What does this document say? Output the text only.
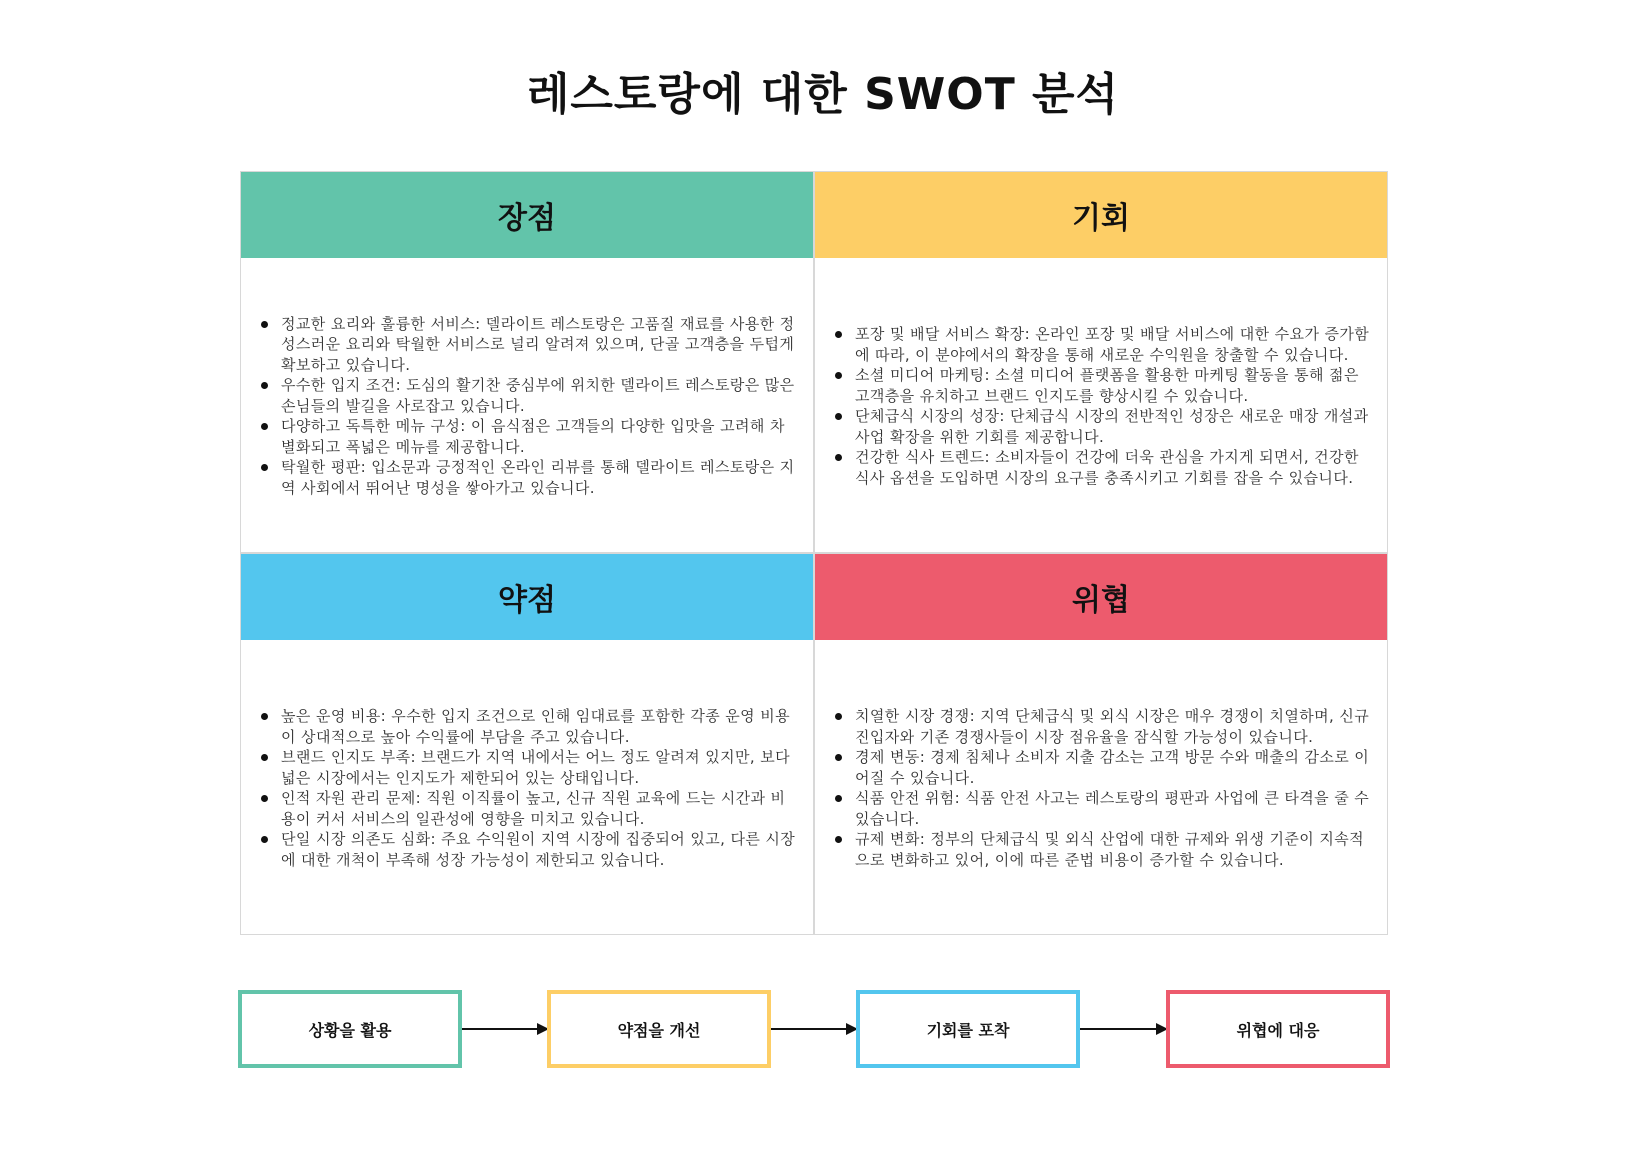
레스토랑에 대한 SWOT 분석
장점
정교한 요리와 훌륭한 서비스: 델라이트 레스토랑은 고품질 재료를 사용한 정성스러운 요리와 탁월한 서비스로 널리 알려져 있으며, 단골 고객층을 두텁게 확보하고 있습니다.
우수한 입지 조건: 도심의 활기찬 중심부에 위치한 델라이트 레스토랑은 많은 손님들의 발길을 사로잡고 있습니다.
다양하고 독특한 메뉴 구성: 이 음식점은 고객들의 다양한 입맛을 고려해 차별화되고 폭넓은 메뉴를 제공합니다.
탁월한 평판: 입소문과 긍정적인 온라인 리뷰를 통해 델라이트 레스토랑은 지역 사회에서 뛰어난 명성을 쌓아가고 있습니다.
기회
포장 및 배달 서비스 확장: 온라인 포장 및 배달 서비스에 대한 수요가 증가함에 따라, 이 분야에서의 확장을 통해 새로운 수익원을 창출할 수 있습니다.
소셜 미디어 마케팅: 소셜 미디어 플랫폼을 활용한 마케팅 활동을 통해 젊은 고객층을 유치하고 브랜드 인지도를 향상시킬 수 있습니다.
단체급식 시장의 성장: 단체급식 시장의 전반적인 성장은 새로운 매장 개설과 사업 확장을 위한 기회를 제공합니다.
건강한 식사 트렌드: 소비자들이 건강에 더욱 관심을 가지게 되면서, 건강한 식사 옵션을 도입하면 시장의 요구를 충족시키고 기회를 잡을 수 있습니다.
약점
높은 운영 비용: 우수한 입지 조건으로 인해 임대료를 포함한 각종 운영 비용이 상대적으로 높아 수익률에 부담을 주고 있습니다.
브랜드 인지도 부족: 브랜드가 지역 내에서는 어느 정도 알려져 있지만, 보다 넓은 시장에서는 인지도가 제한되어 있는 상태입니다.
인적 자원 관리 문제: 직원 이직률이 높고, 신규 직원 교육에 드는 시간과 비용이 커서 서비스의 일관성에 영향을 미치고 있습니다.
단일 시장 의존도 심화: 주요 수익원이 지역 시장에 집중되어 있고, 다른 시장에 대한 개척이 부족해 성장 가능성이 제한되고 있습니다.
위협
치열한 시장 경쟁: 지역 단체급식 및 외식 시장은 매우 경쟁이 치열하며, 신규 진입자와 기존 경쟁사들이 시장 점유율을 잠식할 가능성이 있습니다.
경제 변동: 경제 침체나 소비자 지출 감소는 고객 방문 수와 매출의 감소로 이어질 수 있습니다.
식품 안전 위험: 식품 안전 사고는 레스토랑의 평판과 사업에 큰 타격을 줄 수 있습니다.
규제 변화: 정부의 단체급식 및 외식 산업에 대한 규제와 위생 기준이 지속적으로 변화하고 있어, 이에 따른 준법 비용이 증가할 수 있습니다.
상황을 활용	약점을 개선	기회를 포착	위협에 대응
